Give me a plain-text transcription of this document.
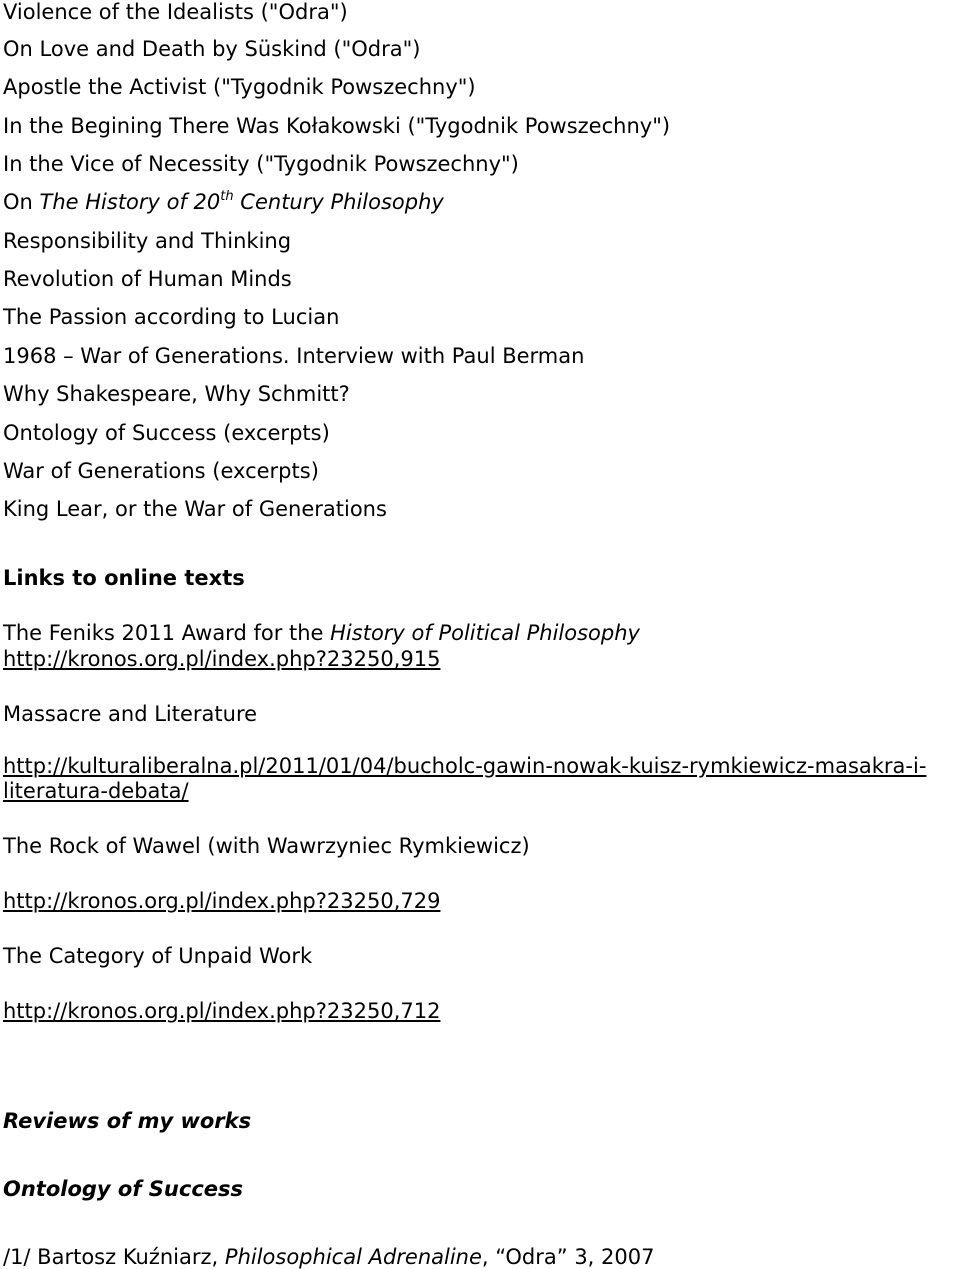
Violence of the Idealists ("Odra")
On Love and Death by Süskind ("Odra")
Apostle the Activist ("Tygodnik Powszechny")
In the Begining There Was Kołakowski ("Tygodnik Powszechny")
In the Vice of Necessity ("Tygodnik Powszechny")
On The History of 20th Century Philosophy
Responsibility and Thinking
Revolution of Human Minds
The Passion according to Lucian
1968 – War of Generations. Interview with Paul Berman
Why Shakespeare, Why Schmitt?
Ontology of Success (excerpts)
War of Generations (excerpts)
King Lear, or the War of Generations
Links to online texts
The Feniks 2011 Award for the History of Political Philosophy
http://kronos.org.pl/index.php?23250,915
Massacre and Literature
http://kulturaliberalna.pl/2011/01/04/bucholc-gawin-nowak-kuisz-rymkiewicz-masakra-i-
literatura-debata/
The Rock of Wawel (with Wawrzyniec Rymkiewicz)
http://kronos.org.pl/index.php?23250,729
The Category of Unpaid Work
http://kronos.org.pl/index.php?23250,712
Reviews of my works
Ontology of Success
/1/ Bartosz Kuźniarz, Philosophical Adrenaline, “Odra” 3, 2007
